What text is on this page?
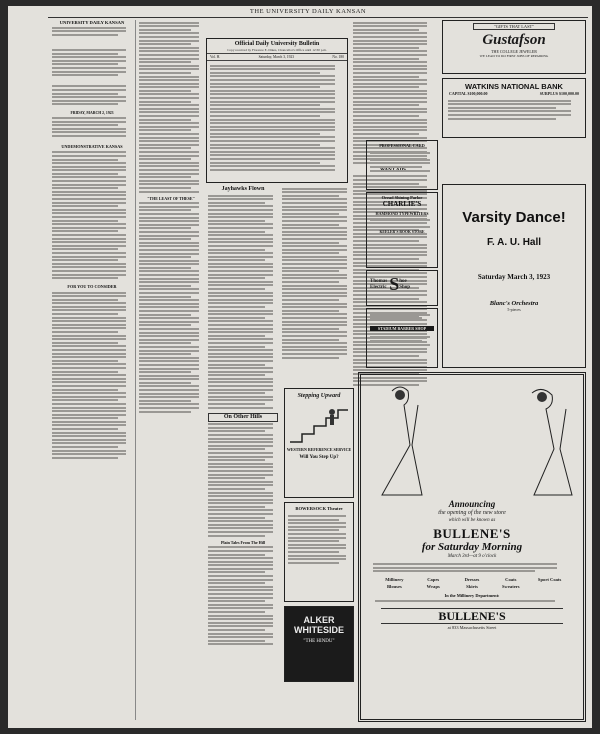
THE UNIVERSITY DAILY KANSAN
UNIVERSITY DAILY KANSAN
FRIDAY, MARCH 2, 1923
UNDEMONSTRATIVE KANSAS
FOR YOU TO CONSIDER
"THE LEAST OF THESE"
Official Daily University Bulletin
Copy received by Florence E. Dikes, Chancellor's Office until 12:30 p.m.
Vol. H.	Saturday, March 3, 1923	No. 180
Jayhawks Flown
On Other Hills
Plain Tales From The Hill
Stepping Upward
WESTERN REFERENCE SERVICE
Will You Step Up?
BOWERSOCK Theatre
ALKER WHITESIDE
"THE HINDU"
"GIFTS THAT LAST"
Gustafson
THE COLLEGE JEWELER
WE LEAD TO DO FIRST JOBS OF REPAIRING
WATKINS NATIONAL BANK
CAPITAL $100,000.00	SURPLUS $100,000.00
PROFESSIONAL CARD
Oread Shining Parlor
CHARLIE'S
HAMMOND TYPEWRITERS
KEELER'S BOOK STORE
Thomas
Electric S hoe
Shop
STADIUM BARBER SHOP
Varsity Dance!
F. A. U. Hall
Saturday March 3, 1923
Blanc's Orchestra
5-pieces
Announcing
the opening of the new store
which will be known as
BULLENE'S
for Saturday Morning
March 3rd—at 9 o'clock
Millinery	Capes	Dresses	Coats	Sport Coats
Blouses	Wraps	Skirts	Sweaters
In the Millinery Department:
BULLENE'S
at 833 Massachusetts Street
